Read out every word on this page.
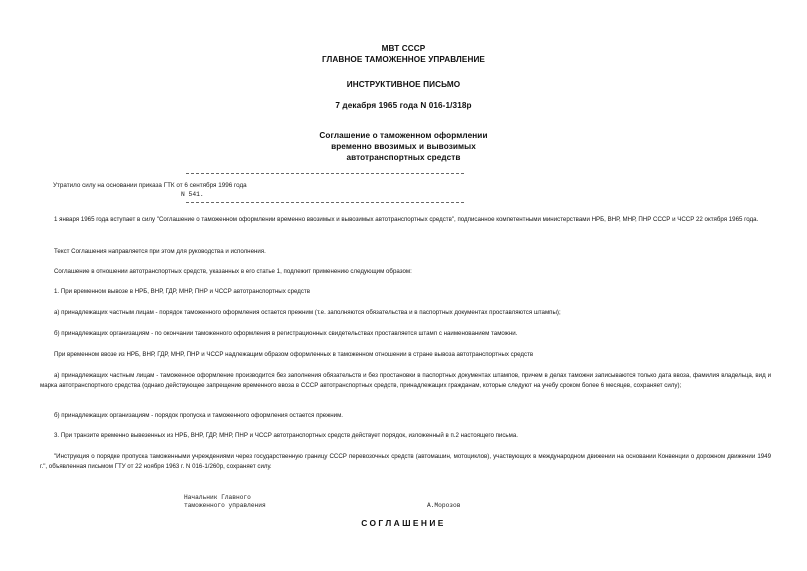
МВТ СССР
ГЛАВНОЕ ТАМОЖЕННОЕ УПРАВЛЕНИЕ
ИНСТРУКТИВНОЕ ПИСЬМО
7 декабря 1965 года N 016-1/318р
Соглашение о таможенном оформлении
временно ввозимых и вывозимых
автотранспортных средств
Утратило силу на основании приказа ГТК от 6 сентября 1996 года
N 541.
1 января 1965 года вступает в силу "Соглашение о таможенном оформлении временно ввозимых и вывозимых автотранспортных средств", подписанное компетентными министерствами НРБ, ВНР, МНР, ПНР СССР и ЧССР 22 октября 1965 года.
Текст Соглашения направляется при этом для руководства и исполнения.
Соглашение в отношении автотранспортных средств, указанных в его статье 1, подлежит применению следующим образом:
1. При временном вывозе в НРБ, ВНР, ГДР, МНР, ПНР и ЧССР автотранспортных средств
а) принадлежащих частным лицам - порядок таможенного оформления остается прежним (т.е. заполняются обязательства и в паспортных документах проставляются штампы);
б) принадлежащих организациям - по окончании таможенного оформления в регистрационных свидетельствах проставляется штамп с наименованием таможни.
При временном ввозе из НРБ, ВНР, ГДР, МНР, ПНР и ЧССР надлежащим образом оформленных в таможенном отношении в стране вывоза автотранспортных средств
а) принадлежащих частным лицам - таможенное оформление производится без заполнения обязательств и без простановки в паспортных документах штампов, причем в делах таможни записываются только дата ввоза, фамилия владельца, вид и марка автотранспортного средства (однако действующее запрещение временного ввоза в СССР автотранспортных средств, принадлежащих гражданам, которые следуют на учебу сроком более 6 месяцев, сохраняет силу);
б) принадлежащих организациям - порядок пропуска и таможенного оформления остается прежним.
3. При транзите временно вывезенных из НРБ, ВНР, ГДР, МНР, ПНР и ЧССР автотранспортных средств действует порядок, изложенный в п.2 настоящего письма.
"Инструкция о порядке пропуска таможенными учреждениями через государственную границу СССР перевозочных средств (автомашин, мотоциклов), участвующих в международном движении на основании Конвенции о дорожном движении 1949 г.", объявленная письмом ГТУ от 22 ноября 1963 г. N 016-1/260р, сохраняет силу.
Начальник Главного
таможенного управления	А.Морозов
СОГЛАШЕНИЕ
